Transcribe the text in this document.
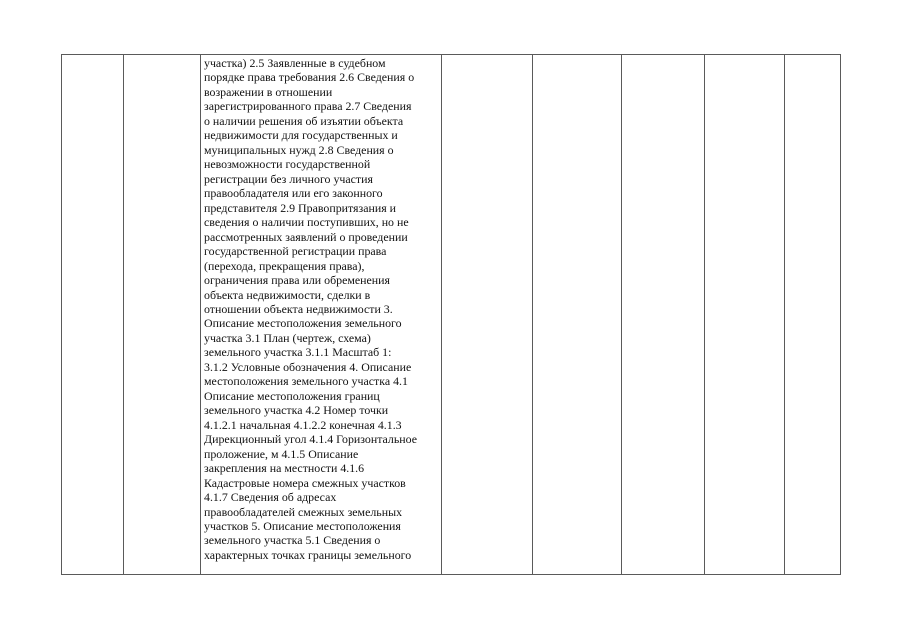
участка) 2.5 Заявленные в судебном
порядке права требования 2.6 Сведения о
возражении в отношении
зарегистрированного права 2.7 Сведения
о наличии решения об изъятии объекта
недвижимости для государственных и
муниципальных нужд 2.8 Сведения о
невозможности государственной
регистрации без личного участия
правообладателя или его законного
представителя 2.9 Правопритязания и
сведения о наличии поступивших, но не
рассмотренных заявлений о проведении
государственной регистрации права
(перехода, прекращения права),
ограничения права или обременения
объекта недвижимости, сделки в
отношении объекта недвижимости 3.
Описание местоположения земельного
участка 3.1 План (чертеж, схема)
земельного участка 3.1.1 Масштаб 1:
3.1.2 Условные обозначения 4. Описание
местоположения земельного участка 4.1
Описание местоположения границ
земельного участка 4.2 Номер точки
4.1.2.1 начальная 4.1.2.2 конечная 4.1.3
Дирекционный угол 4.1.4 Горизонтальное
проложение, м 4.1.5 Описание
закрепления на местности 4.1.6
Кадастровые номера смежных участков
4.1.7 Сведения об адресах
правообладателей смежных земельных
участков 5. Описание местоположения
земельного участка 5.1 Сведения о
характерных точках границы земельного
